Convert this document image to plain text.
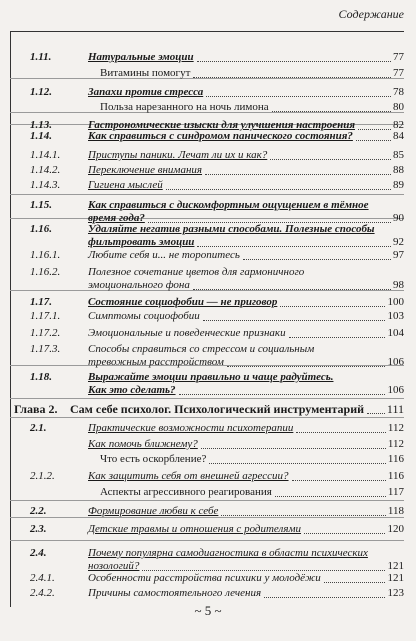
Содержание
1.11.	Натуральные эмоции	77
Витамины помогут	77
1.12.	Запахи против стресса	78
Польза нарезанного на ночь лимона	80
1.13.	Гастрономические изыски для улучшения настроения	82
1.14.	Как справиться с синдромом панического состояния?	84
1.14.1.	Приступы паники. Лечат ли их и как?	85
1.14.2.	Переключение внимания	88
1.14.3.	Гигиена мыслей	89
1.15.	Как справиться с дискомфортным ощущением в тёмное
время года?	90
1.16.	Удаляйте негатив разными способами. Полезные способы
фильтровать эмоции	92
1.16.1.	Любите себя и... не торопитесь	97
1.16.2.	Полезное сочетание цветов для гармоничного
эмоционального фона	98
1.17.	Состояние социофобии — не приговор	100
1.17.1.	Симптомы социофобии	103
1.17.2.	Эмоциональные и поведенческие признаки	104
1.17.3.	Способы справиться со стрессом и социальным
тревожным расстройством	106
1.18.	Выражайте эмоции правильно и чаще радуйтесь.
Как это сделать?	106
Глава 2. Сам себе психолог. Психологический инструментарий 111
2.1.	Практические возможности психотерапии	112
Как помочь ближнему?	112
Что есть оскорбление?	116
2.1.2.	Как защитить себя от внешней агрессии?	116
Аспекты агрессивного реагирования	117
2.2.	Формирование любви к себе	118
2.3.	Детские травмы и отношения с родителями	120
2.4.	Почему популярна самодиагностика в области психических
нозологий?	121
2.4.1.	Особенности расстройства психики у молодёжи	121
2.4.2.	Причины самостоятельного лечения	123
~ 5 ~
